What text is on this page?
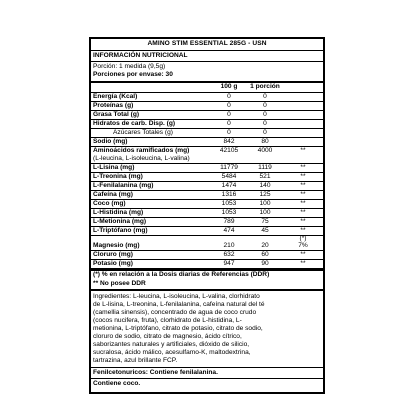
AMINO STIM ESSENTIAL 285G - USN
INFORMACIÓN NUTRICIONAL
Porción: 1 medida (9,5g)
Porciones por envase: 30
100 g	1 porción
Energía (Kcal)	0	0
Proteínas (g)	0	0
Grasa Total (g)	0	0
Hidratos de carb. Disp. (g)	0	0
Azúcares Totales (g)	0	0
Sodio (mg)	842	80
Aminoácidos ramificados (mg)	42105	4000	**
(L-leucina, L-isoleucina, L-valina)
L-Lisina (mg)	11779	1119	**
L-Treonina (mg)	5484	521	**
L-Fenilalanina (mg)	1474	140	**
Cafeína (mg)	1316	125	**
Coco (mg)	1053	100	**
L-Histidina (mg)	1053	100	**
L-Metionina (mg)	789	75	**
L-Triptófano (mg)	474	45	**
(*)
Magnesio (mg)	210	20	7%
Cloruro (mg)	632	60	**
Potasio (mg)	947	90	**
(*) % en relación a la Dosis diarias de Referencias (DDR)
** No posee DDR

Ingredientes: L-leucina, L-isoleucina, L-valina, clorhidrato

de L-lisina, L-treonina, L-fenilalanina, cafeína natural del té

(camellia sinensis), concentrado de agua de coco crudo

(cocos nucifera, fruta), clorhidrato de L-histidina, L-

metionina, L-triptófano, citrato de potasio, citrato de sodio,

cloruro de sodio, citrato de magnesio, ácido cítrico,

saborizantes naturales y artificiales, dióxido de silicio,

sucralosa, ácido málico, acesulfamo-K, maltodextrina,

tartrazina, azul brillante FCP.

Fenilcetonuricos: Contiene fenilalanina.
Contiene coco.
